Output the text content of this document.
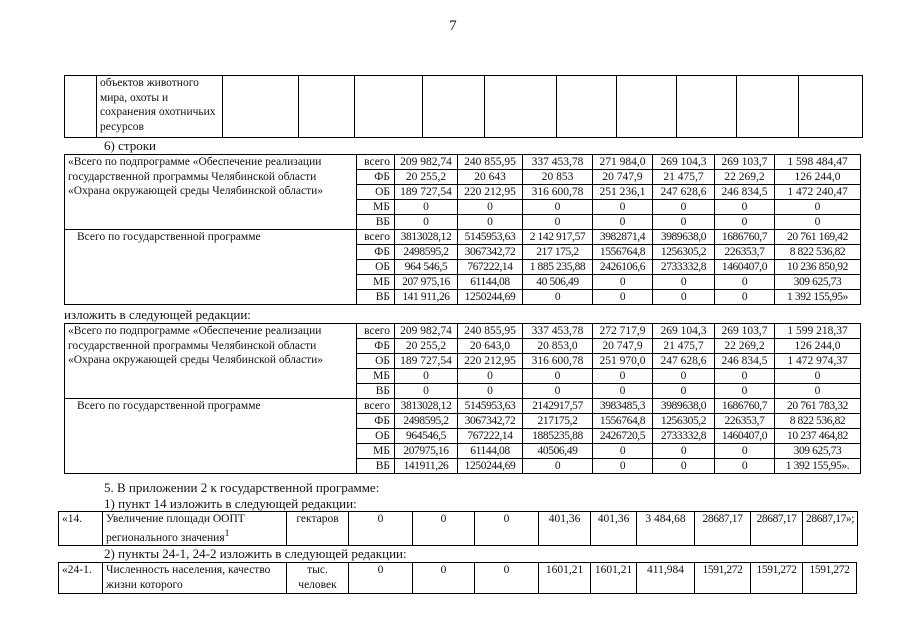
7
	объектов животного мира, охоты и сохранения охотничьих ресурсов										
6) строки
«Всего по подпрограмме «Обеспечение реализации государственной программы Челябинской области «Охрана окружающей среды Челябинской области»	всего	209 982,74	240 855,95	337 453,78	271 984,0	269 104,3	269 103,7	1 598 484,47
	ФБ	20 255,2	20 643	20 853	20 747,9	21 475,7	22 269,2	126 244,0
	ОБ	189 727,54	220 212,95	316 600,78	251 236,1	247 628,6	246 834,5	1 472 240,47
	МБ	0	0	0	0	0	0	0
	ВБ	0	0	0	0	0	0	0
Всего по государственной программе	всего	3813028,12	5145953,63	2 142 917,57	3982871,4	3989638,0	1686760,7	20 761 169,42
	ФБ	2498595,2	3067342,72	217 175,2	1556764,8	1256305,2	226353,7	8 822 536,82
	ОБ	964 546,5	767222,14	1 885 235,88	2426106,6	2733332,8	1460407,0	10 236 850,92
	МБ	207 975,16	61144,08	40 506,49	0	0	0	309 625,73
	ВБ	141 911,26	1250244,69	0	0	0	0	1 392 155,95»
изложить в следующей редакции:
«Всего по подпрограмме «Обеспечение реализации государственной программы Челябинской области «Охрана окружающей среды Челябинской области»	всего	209 982,74	240 855,95	337 453,78	272 717,9	269 104,3	269 103,7	1 599 218,37
	ФБ	20 255,2	20 643,0	20 853,0	20 747,9	21 475,7	22 269,2	126 244,0
	ОБ	189 727,54	220 212,95	316 600,78	251 970,0	247 628,6	246 834,5	1 472 974,37
	МБ	0	0	0	0	0	0	0
	ВБ	0	0	0	0	0	0	0
Всего по государственной программе	всего	3813028,12	5145953,63	2142917,57	3983485,3	3989638,0	1686760,7	20 761 783,32
	ФБ	2498595,2	3067342,72	217175,2	1556764,8	1256305,2	226353,7	8 822 536,82
	ОБ	964546,5	767222,14	1885235,88	2426720,5	2733332,8	1460407,0	10 237 464,82
	МБ	207975,16	61144,08	40506,49	0	0	0	309 625,73
	ВБ	141911,26	1250244,69	0	0	0	0	1 392 155,95».
5. В приложении 2 к государственной программе:
1) пункт 14 изложить в следующей редакции:
«14.	Увеличение площади ООПТ регионального значения$^1$	гектаров	0	0	0	401,36	401,36	3 484,68	28687,17	28687,17	28687,17»;
2) пункты 24-1, 24-2 изложить в следующей редакции:
«24-1.	Численность населения, качество жизни которого	тыс. человек	0	0	0	1601,21	1601,21	411,984	1591,272	1591,272	1591,272
